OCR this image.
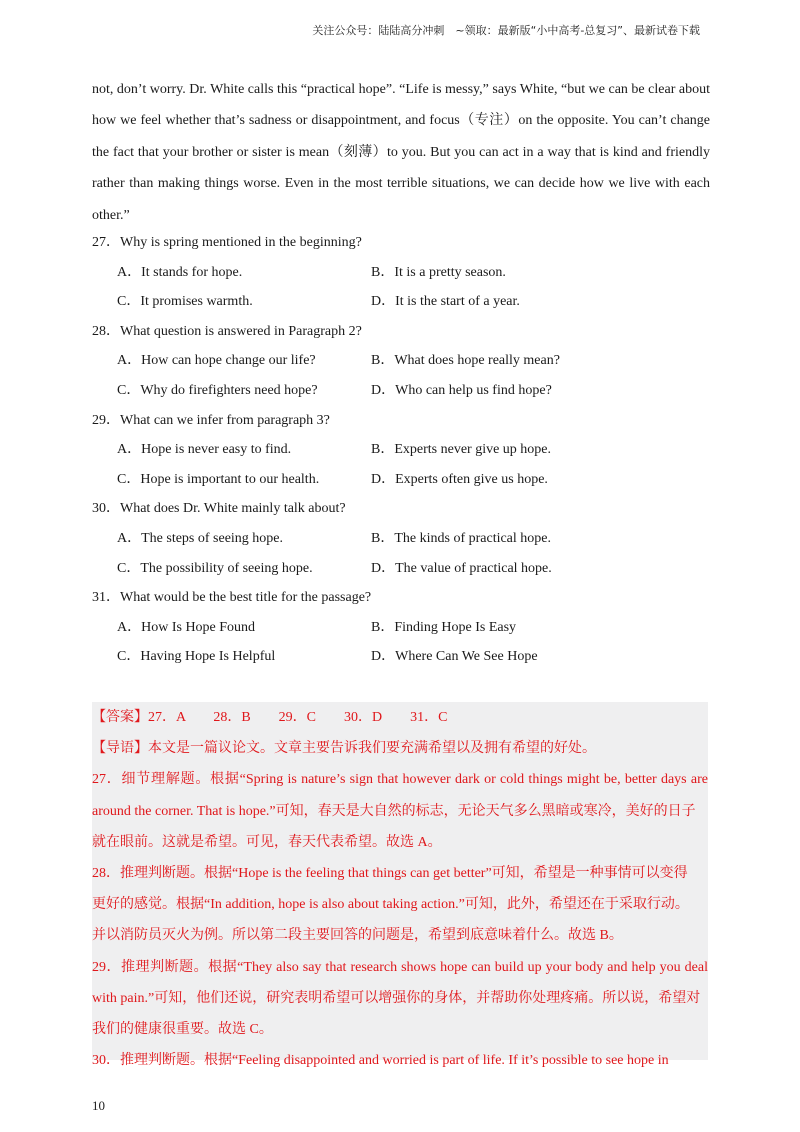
关注公众号：陆陆高分冲刺　~领取：最新版“小中高考-总复习”、最新试卷下载
not, don’t worry. Dr. White calls this “practical hope”. “Life is messy,” says White, “but we can be clear about
how we feel whether that’s sadness or disappointment, and focus（专注）on the opposite. You can’t change
the fact that your brother or sister is mean（刻薄）to you. But you can act in a way that is kind and friendly
rather than making things worse. Even in the most terrible situations, we can decide how we live with each
other.”
27．Why is spring mentioned in the beginning?
A．It stands for hope.	B．It is a pretty season.
C．It promises warmth.	D．It is the start of a year.
28．What question is answered in Paragraph 2?
A．How can hope change our life?	B．What does hope really mean?
C．Why do firefighters need hope?	D．Who can help us find hope?
29．What can we infer from paragraph 3?
A．Hope is never easy to find.	B．Experts never give up hope.
C．Hope is important to our health.	D．Experts often give us hope.
30．What does Dr. White mainly talk about?
A．The steps of seeing hope.	B．The kinds of practical hope.
C．The possibility of seeing hope.	D．The value of practical hope.
31．What would be the best title for the passage?
A．How Is Hope Found	B．Finding Hope Is Easy
C．Having Hope Is Helpful	D．Where Can We See Hope
【答案】27．A　　28．B　　29．C　　30．D　　31．C
【导语】本文是一篇议论文。文章主要告诉我们要充满希望以及拥有希望的好处。
27．细节理解题。根据“Spring is nature’s sign that however dark or cold things might be, better days are
around the corner. That is hope.”可知，春天是大自然的标志，无论天气多么黑暗或寒冷，美好的日子
就在眼前。这就是希望。可见，春天代表希望。故选 A。
28．推理判断题。根据“Hope is the feeling that things can get better”可知，希望是一种事情可以变得
更好的感觉。根据“In addition, hope is also about taking action.”可知，此外，希望还在于采取行动。
并以消防员灭火为例。所以第二段主要回答的问题是，希望到底意味着什么。故选 B。
29．推理判断题。根据“They also say that research shows hope can build up your body and help you deal
with pain.”可知，他们还说，研究表明希望可以增强你的身体，并帮助你处理疼痛。所以说，希望对
我们的健康很重要。故选 C。
30．推理判断题。根据“Feeling disappointed and worried is part of life. If it’s possible to see hope in
10
